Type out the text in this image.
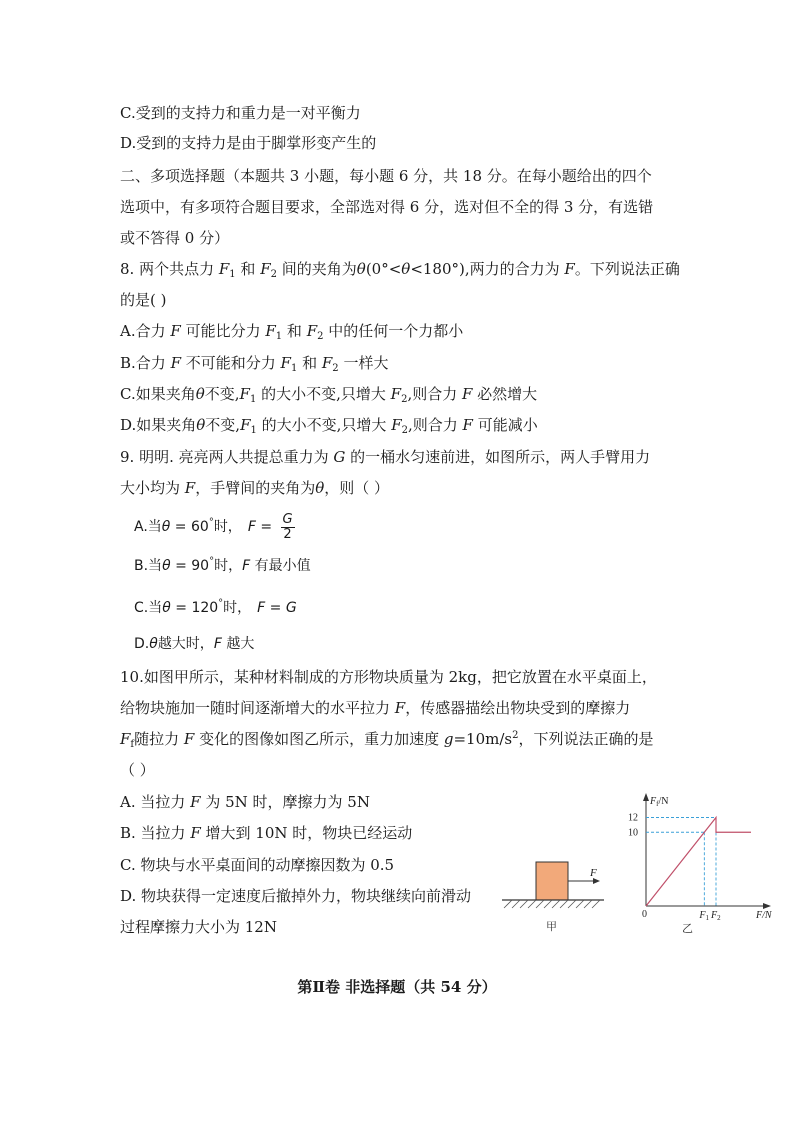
C.受到的支持力和重力是一对平衡力
D.受到的支持力是由于脚掌形变产生的
二、多项选择题（本题共 3 小题，每小题 6 分，共 18 分。在每小题给出的四个
选项中，有多项符合题目要求，全部选对得 6 分，选对但不全的得 3 分，有选错
或不答得 0 分）
8. 两个共点力 $F_1$ 和 $F_2$ 间的夹角为θ(0°<θ<180°),两力的合力为 F。下列说法正确
的是( )
A.合力 F 可能比分力 $F_1$ 和 $F_2$ 中的任何一个力都小
B.合力 F 不可能和分力 $F_1$ 和 $F_2$ 一样大
C.如果夹角θ不变$,F_1$ 的大小不变,只增大 $F_2$,则合力 F 必然增大
D.如果夹角θ不变$,F_1$ 的大小不变,只增大 $F_2$,则合力 F 可能减小
9. 明明. 亮亮两人共提总重力为 G 的一桶水匀速前进，如图所示，两人手臂用力
大小均为 F，手臂间的夹角为θ，则（ ）
A.当θ = 60°时， $F = \frac{G}{2}$
B.当θ = 90°时，F 有最小值
C.当θ = 120°时， F = G
D.θ越大时，F 越大
10.如图甲所示，某种材料制成的方形物块质量为 2kg，把它放置在水平桌面上，
给物块施加一随时间逐渐增大的水平拉力 F，传感器描绘出物块受到的摩擦力
$F_f$随拉力 F 变化的图像如图乙所示，重力加速度 $g=10m/s^2$，下列说法正确的是
（ ）
A. 当拉力 F 为 5N 时，摩擦力为 5N
B. 当拉力 F 增大到 10N 时，物块已经运动
C. 物块与水平桌面间的动摩擦因数为 0.5
D. 物块获得一定速度后撤掉外力，物块继续向前滑动
过程摩擦力大小为 12N
F
甲
$F_f/N$
12
10
0	F/N
$F_1$ $F_2$
乙
第Ⅱ卷 非选择题（共 54 分）
